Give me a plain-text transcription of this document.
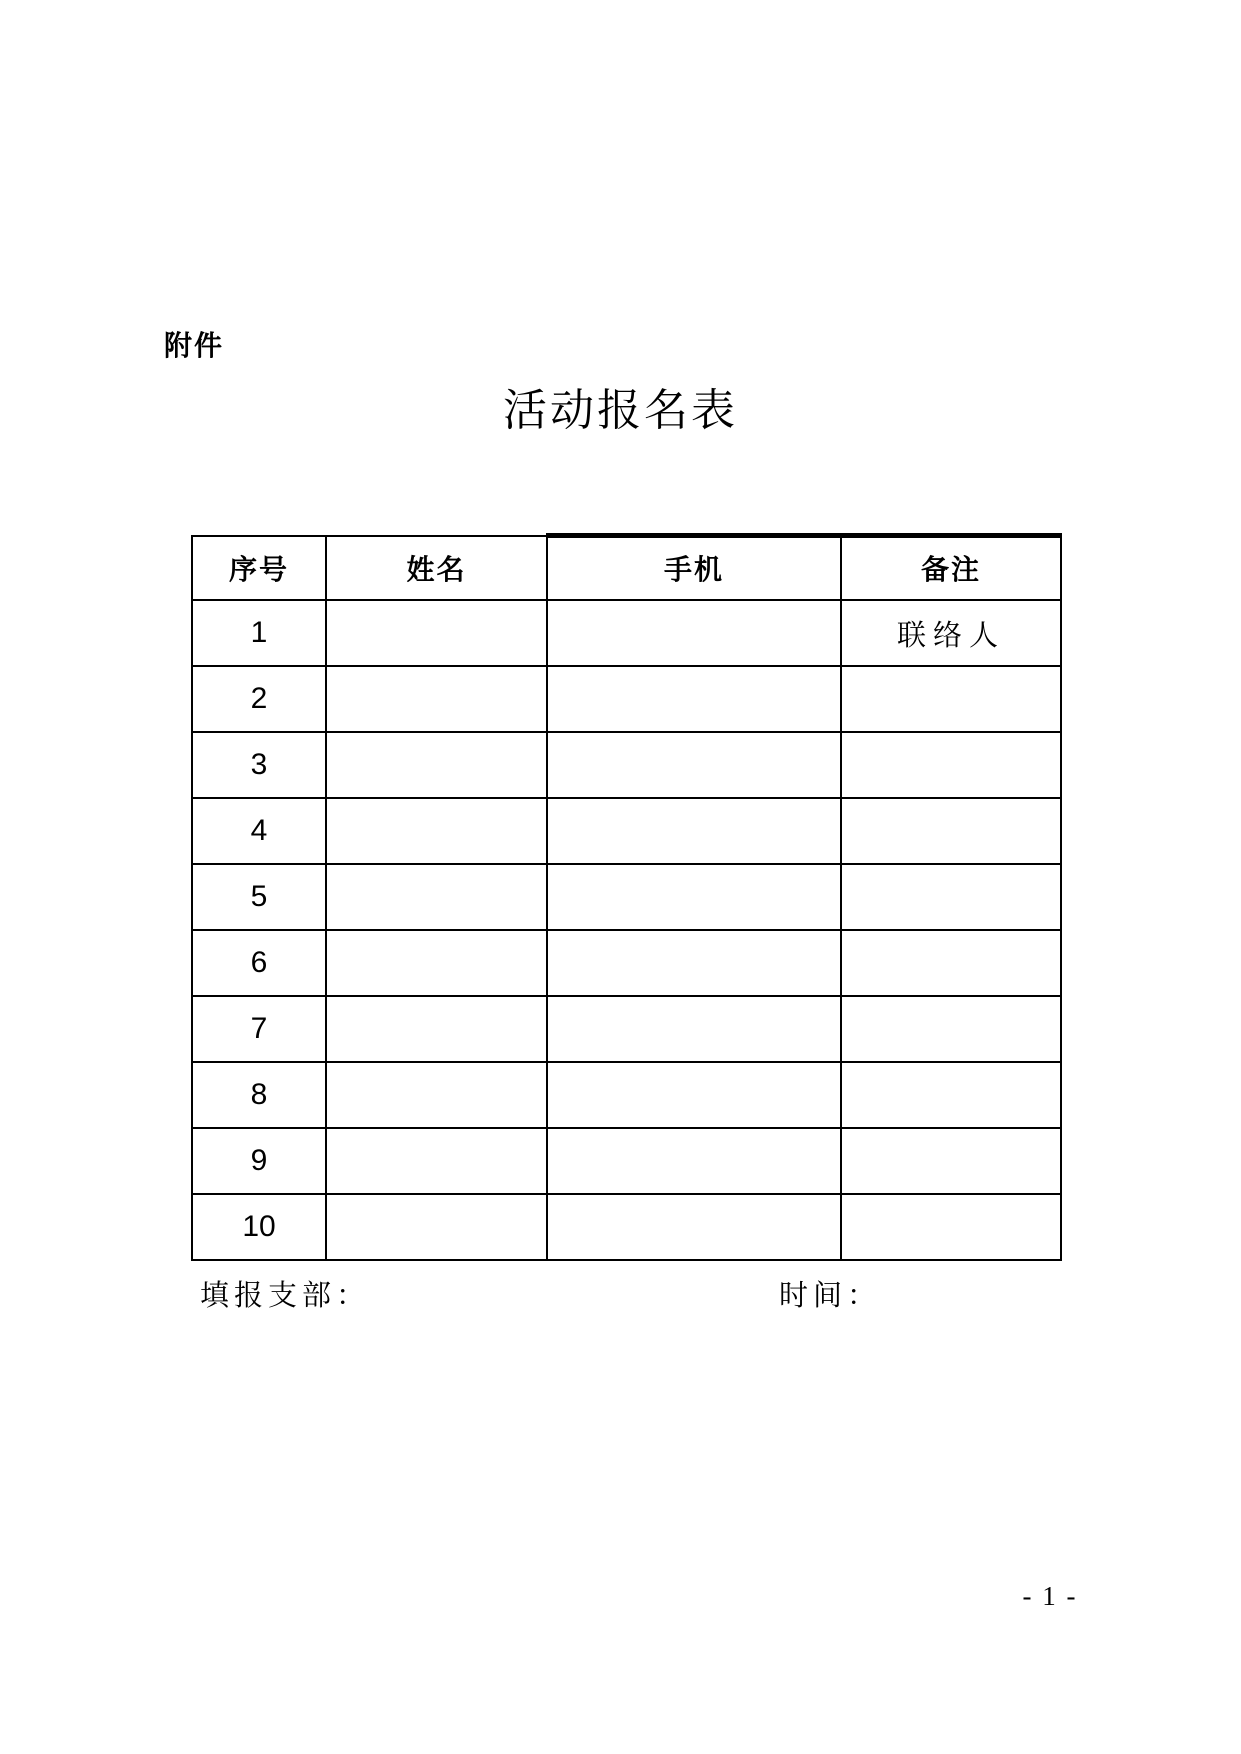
附件
活动报名表
序号	姓名	手机	备注
1			联络人
2			
3			
4			
5			
6			
7			
8			
9			
10			
填报支部：	时间：
- 1 -
